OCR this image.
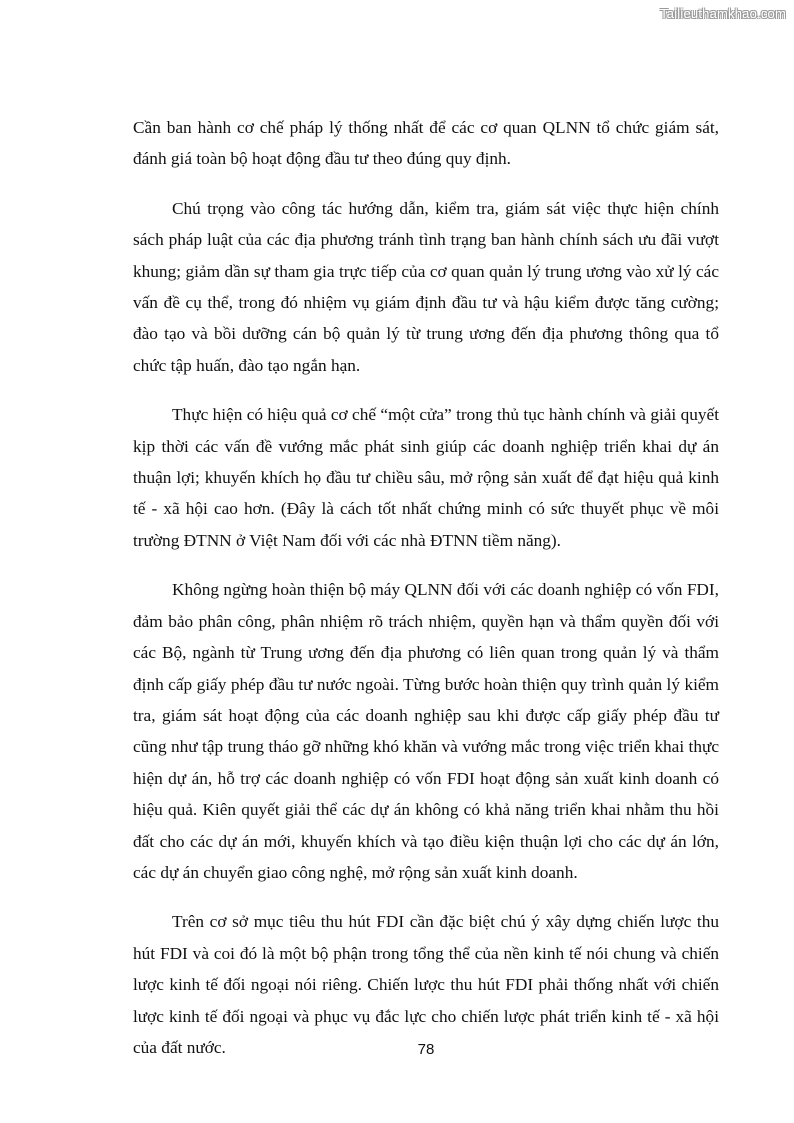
Tailieuthamkhao.com

Cần ban hành cơ chế pháp lý thống nhất để các cơ quan QLNN tổ chức giám sát, đánh giá toàn bộ hoạt động đầu tư theo đúng quy định.

Chú trọng vào công tác hướng dẫn, kiểm tra, giám sát việc thực hiện chính sách pháp luật của các địa phương tránh tình trạng ban hành chính sách ưu đãi vượt khung; giảm dần sự tham gia trực tiếp của cơ quan quản lý trung ương vào xử lý các vấn đề cụ thể, trong đó nhiệm vụ giám định đầu tư và hậu kiểm được tăng cường; đào tạo và bồi dưỡng cán bộ quản lý từ trung ương đến địa phương thông qua tổ chức tập huấn, đào tạo ngắn hạn.

Thực hiện có hiệu quả cơ chế “một cửa” trong thủ tục hành chính và giải quyết kịp thời các vấn đề vướng mắc phát sinh giúp các doanh nghiệp triển khai dự án thuận lợi; khuyến khích họ đầu tư chiều sâu, mở rộng sản xuất để đạt hiệu quả kinh tế - xã hội cao hơn. (Đây là cách tốt nhất chứng minh có sức thuyết phục về môi trường ĐTNN ở Việt Nam đối với các nhà ĐTNN tiềm năng).

Không ngừng hoàn thiện bộ máy QLNN đối với các doanh nghiệp có vốn FDI, đảm bảo phân công, phân nhiệm rõ trách nhiệm, quyền hạn và thẩm quyền đối với các Bộ, ngành từ Trung ương đến địa phương có liên quan trong quản lý và thẩm định cấp giấy phép đầu tư nước ngoài. Từng bước hoàn thiện quy trình quản lý kiểm tra, giám sát hoạt động của các doanh nghiệp sau khi được cấp giấy phép đầu tư cũng như tập trung tháo gỡ những khó khăn và vướng mắc trong việc triển khai thực hiện dự án, hỗ trợ các doanh nghiệp có vốn FDI hoạt động sản xuất kinh doanh có hiệu quả. Kiên quyết giải thể các dự án không có khả năng triển khai nhằm thu hồi đất cho các dự án mới, khuyến khích và tạo điều kiện thuận lợi cho các dự án lớn, các dự án chuyển giao công nghệ, mở rộng sản xuất kinh doanh.

Trên cơ sở mục tiêu thu hút FDI cần đặc biệt chú ý xây dựng chiến lược thu hút FDI và coi đó là một bộ phận trong tổng thể của nền kinh tế nói chung và chiến lược kinh tế đối ngoại nói riêng. Chiến lược thu hút FDI phải thống nhất với chiến lược kinh tế đối ngoại và phục vụ đắc lực cho chiến lược phát triển kinh tế - xã hội của đất nước.	78
